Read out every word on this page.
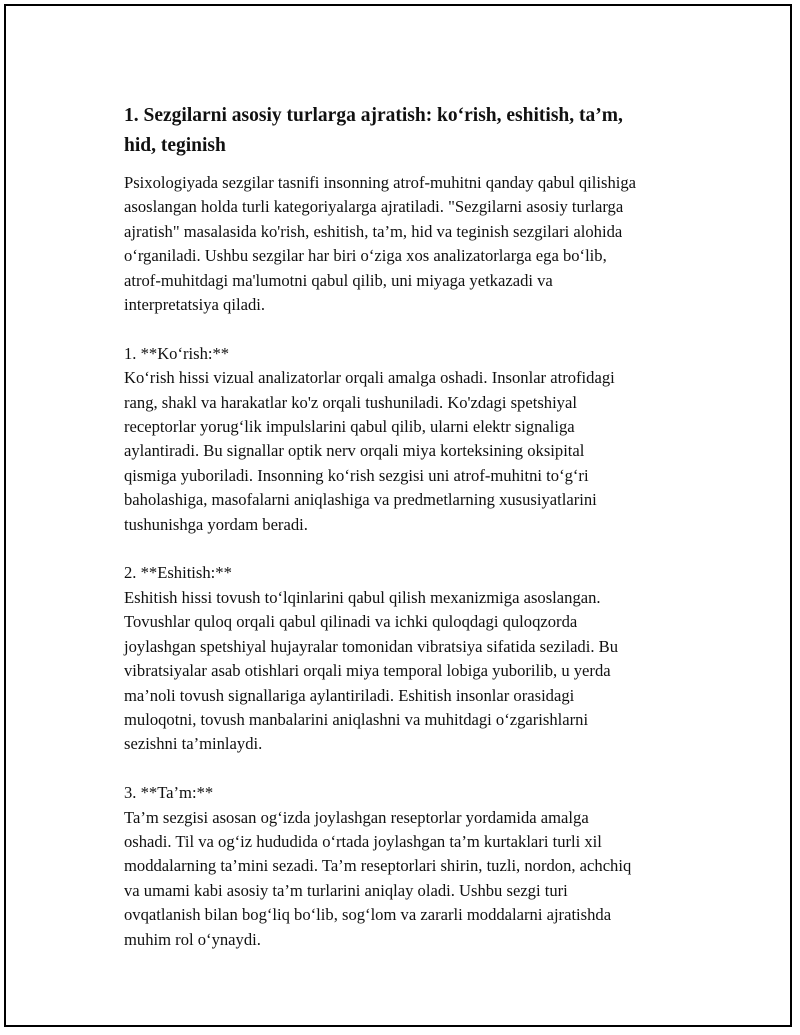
1. Sezgilarni asosiy turlarga ajratish: ko‘rish, eshitish, ta’m,
hid, teginish

Psixologiyada sezgilar tasnifi insonning atrof-muhitni qanday qabul qilishiga
asoslangan holda turli kategoriyalarga ajratiladi. "Sezgilarni asosiy turlarga
ajratish" masalasida ko'rish, eshitish, ta’m, hid va teginish sezgilari alohida
o‘rganiladi. Ushbu sezgilar har biri o‘ziga xos analizatorlarga ega bo‘lib,
atrof-muhitdagi ma'lumotni qabul qilib, uni miyaga yetkazadi va
interpretatsiya qiladi.

1. **Ko‘rish:**
Ko‘rish hissi vizual analizatorlar orqali amalga oshadi. Insonlar atrofidagi
rang, shakl va harakatlar ko'z orqali tushuniladi. Ko'zdagi spetshiyal
receptorlar yorug‘lik impulslarini qabul qilib, ularni elektr signaliga
aylantiradi. Bu signallar optik nerv orqali miya korteksining oksipital
qismiga yuboriladi. Insonning ko‘rish sezgisi uni atrof-muhitni to‘g‘ri
baholashiga, masofalarni aniqlashiga va predmetlarning xususiyatlarini
tushunishga yordam beradi.

2. **Eshitish:**
Eshitish hissi tovush to‘lqinlarini qabul qilish mexanizmiga asoslangan.
Tovushlar quloq orqali qabul qilinadi va ichki quloqdagi quloqzorda
joylashgan spetshiyal hujayralar tomonidan vibratsiya sifatida seziladi. Bu
vibratsiyalar asab otishlari orqali miya temporal lobiga yuborilib, u yerda
ma’noli tovush signallariga aylantiriladi. Eshitish insonlar orasidagi
muloqotni, tovush manbalarini aniqlashni va muhitdagi o‘zgarishlarni
sezishni ta’minlaydi.

3. **Ta’m:**
Ta’m sezgisi asosan og‘izda joylashgan reseptorlar yordamida amalga
oshadi. Til va og‘iz hududida o‘rtada joylashgan ta’m kurtaklari turli xil
moddalarning ta’mini sezadi. Ta’m reseptorlari shirin, tuzli, nordon, achchiq
va umami kabi asosiy ta’m turlarini aniqlay oladi. Ushbu sezgi turi
ovqatlanish bilan bog‘liq bo‘lib, sog‘lom va zararli moddalarni ajratishda
muhim rol o‘ynaydi.
